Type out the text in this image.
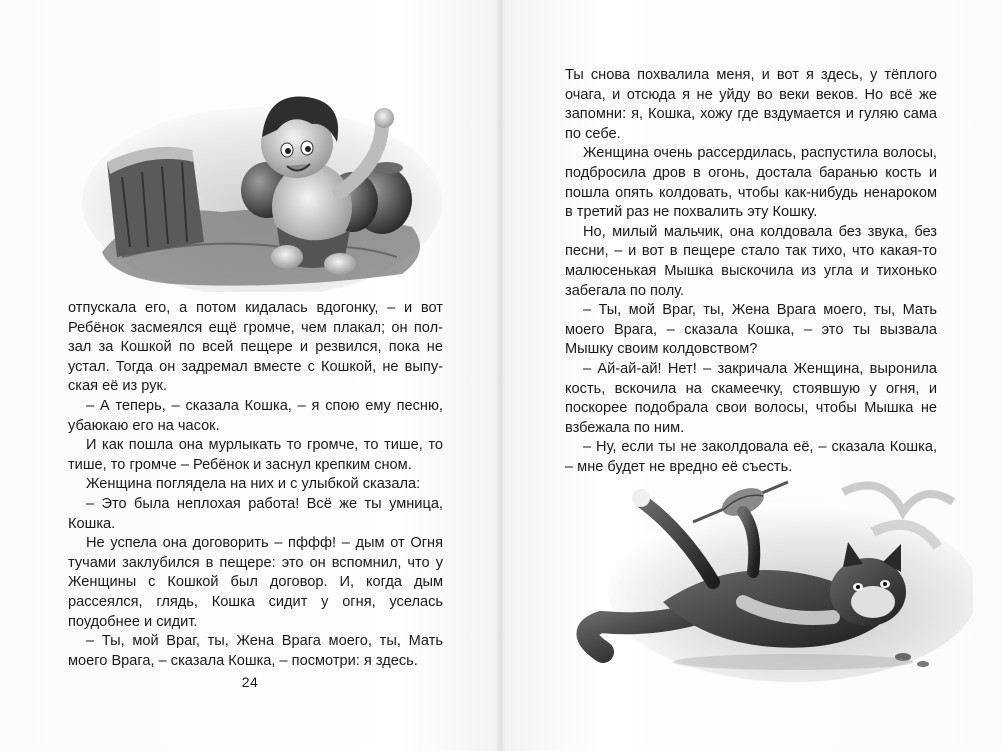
отпускала его, а потом кидалась вдогонку, – и вот Ребёнок засмеялся ещё громче, чем плакал; он ползал за Кошкой по всей пещере и резвился, пока не устал. Тогда он задремал вместе с Кошкой, не выпуская её из рук.

– А теперь, – сказала Кошка, – я спою ему песню, убаюкаю его на часок.

И как пошла она мурлыкать то громче, то тише, то тише, то громче – Ребёнок и заснул крепким сном.

Женщина поглядела на них и с улыбкой сказала:

– Это была неплохая работа! Всё же ты умница, Кошка.

Не успела она договорить – пффф! – дым от Огня тучами заклубился в пещере: это он вспомнил, что у Женщины с Кошкой был договор. И, когда дым рассеялся, глядь, Кошка сидит у огня, уселась поудобнее и сидит.

– Ты, мой Враг, ты, Жена Врага моего, ты, Мать моего Врага, – сказала Кошка, – посмотри: я здесь.

24

Ты снова похвалила меня, и вот я здесь, у тёплого очага, и отсюда я не уйду во веки веков. Но всё же запомни: я, Кошка, хожу где вздумается и гуляю сама по себе.

Женщина очень рассердилась, распустила волосы, подбросила дров в огонь, достала баранью кость и пошла опять колдовать, чтобы как-нибудь ненароком в третий раз не похвалить эту Кошку.

Но, милый мальчик, она колдовала без звука, без песни, – и вот в пещере стало так тихо, что какая-то малюсенькая Мышка выскочила из угла и тихонько забегала по полу.

– Ты, мой Враг, ты, Жена Врага моего, ты, Мать моего Врага, – сказала Кошка, – это ты вызвала Мышку своим колдовством?

– Ай-ай-ай! Нет! – закричала Женщина, выронила кость, вскочила на скамеечку, стоявшую у огня, и поскорее подобрала свои волосы, чтобы Мышка не взбежала по ним.

– Ну, если ты не заколдовала её, – сказала Кошка, – мне будет не вредно её съесть.
